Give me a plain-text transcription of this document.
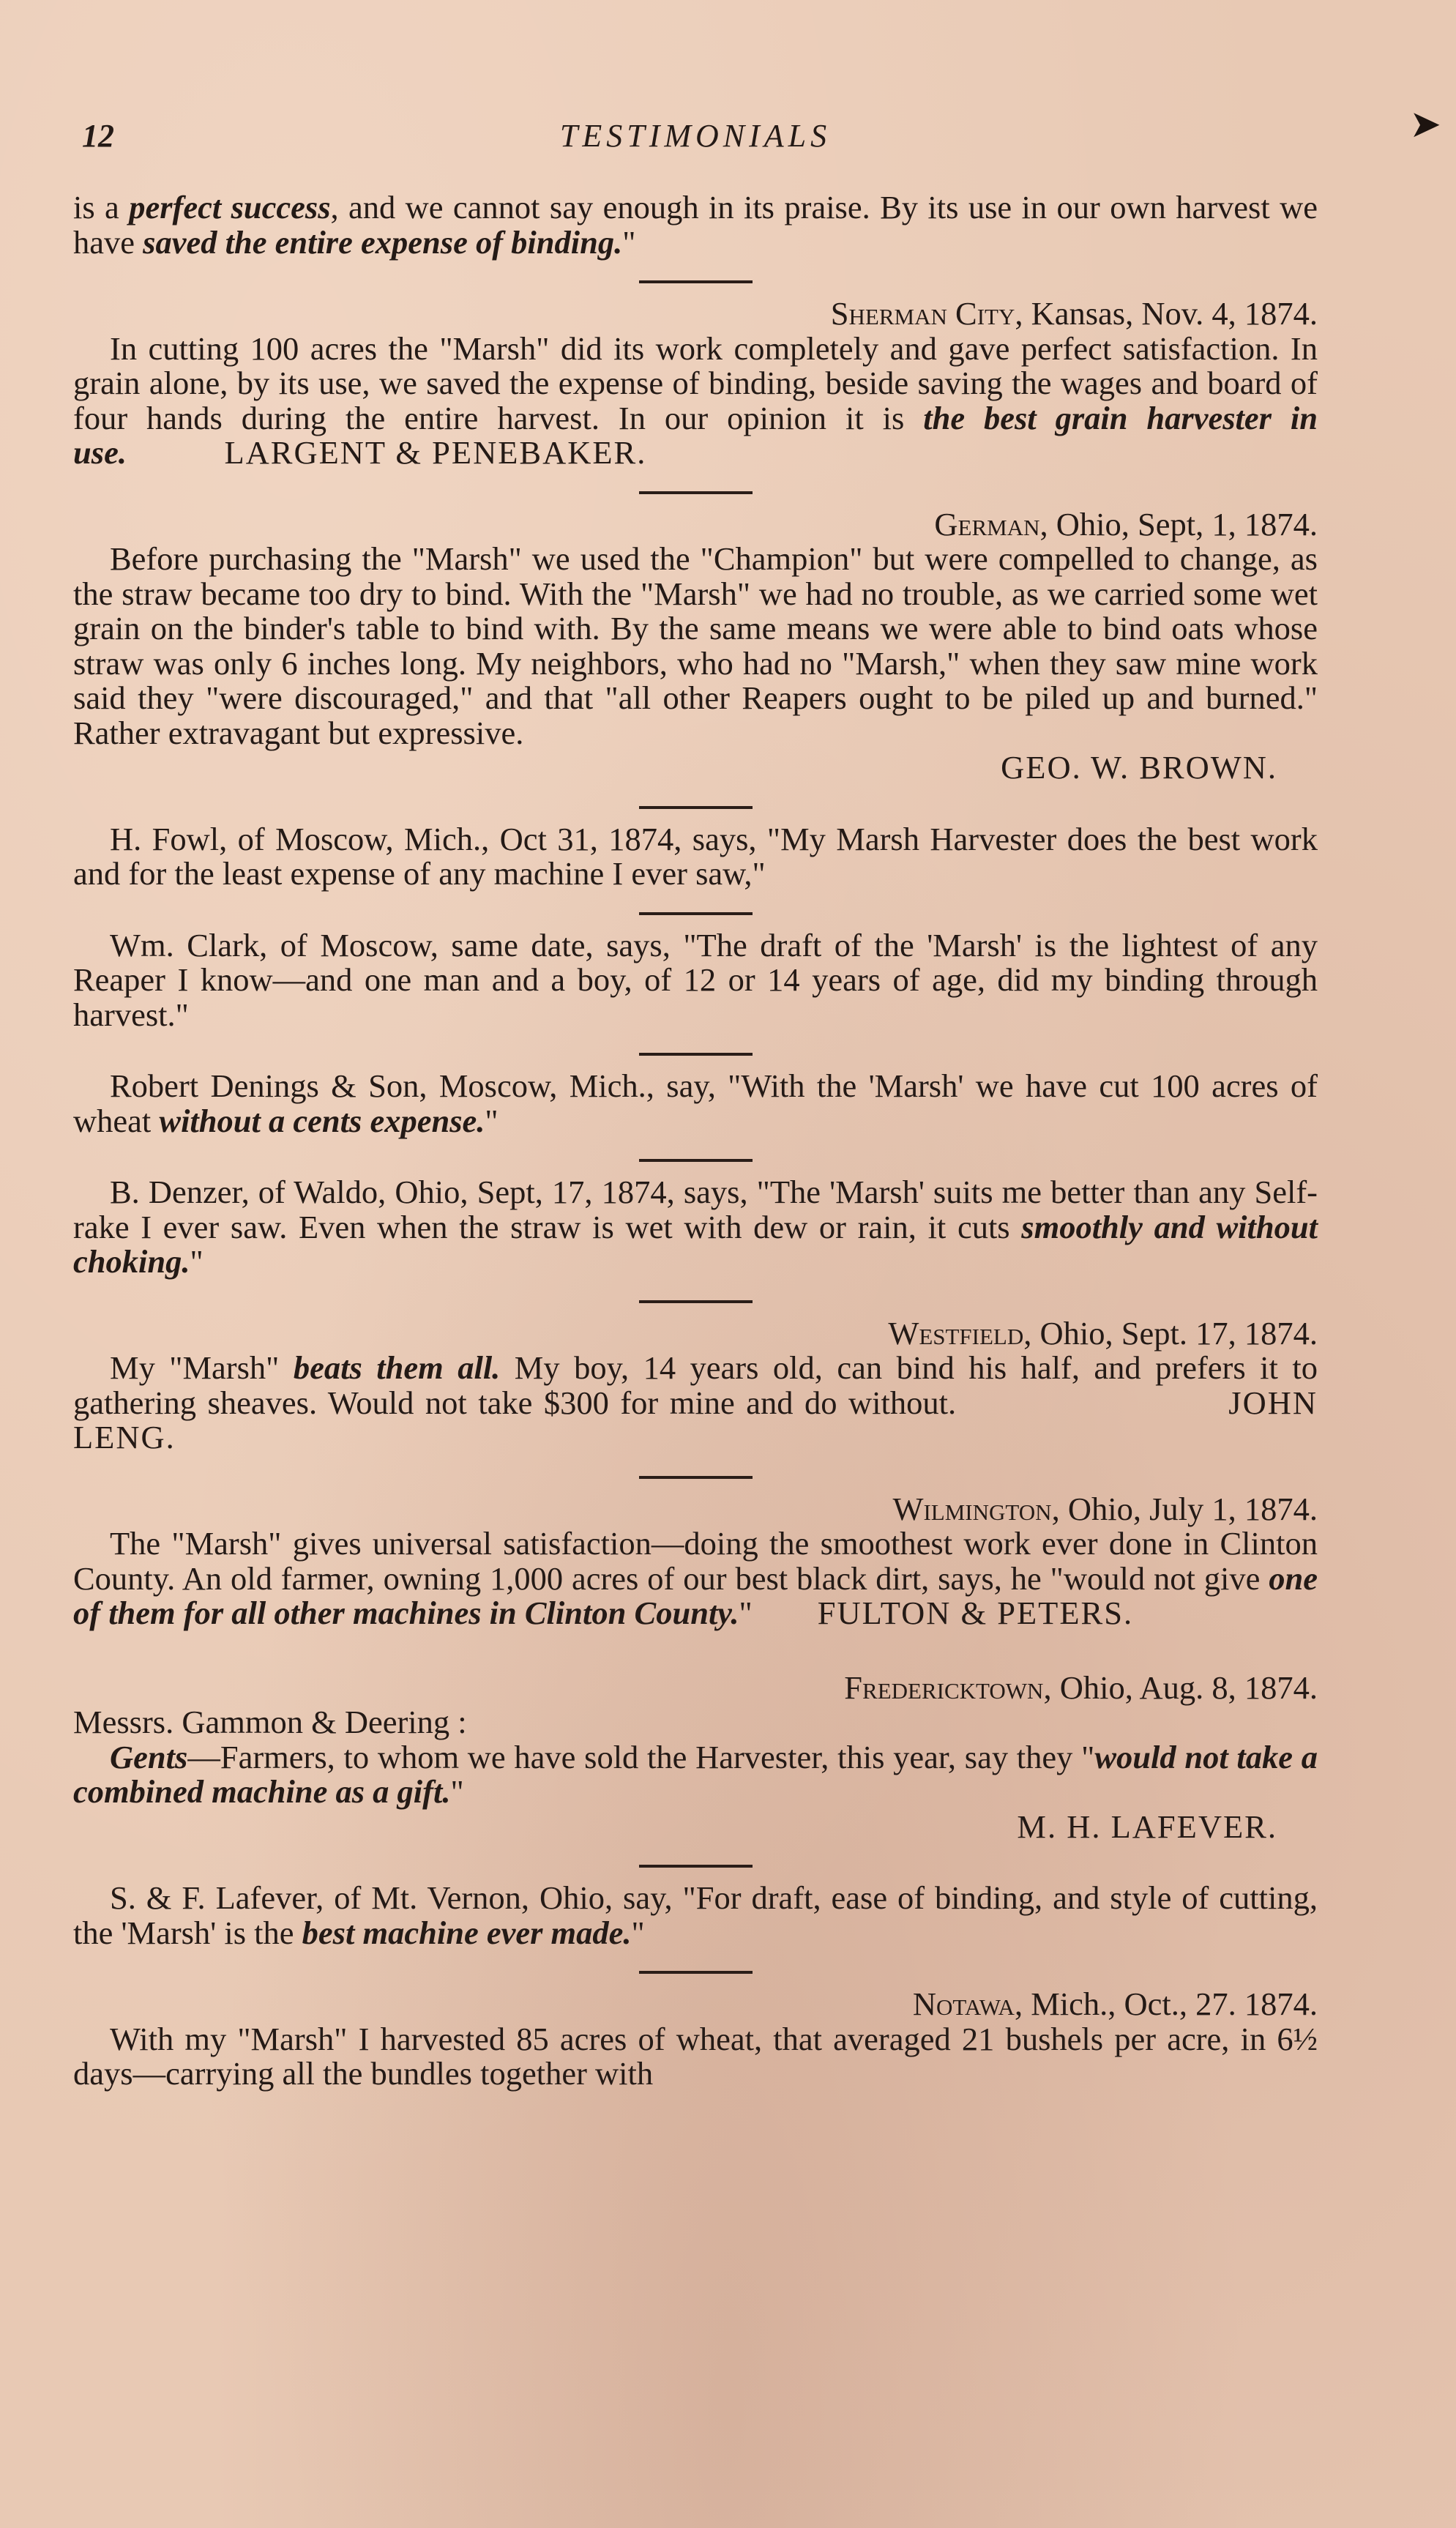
➤
12	TESTIMONIALS

is a perfect success, and we cannot say enough in its praise. By its use in our own harvest we have saved the entire expense of binding."

Sherman City, Kansas, Nov. 4, 1874.

In cutting 100 acres the "Marsh" did its work completely and gave perfect satisfaction. In grain alone, by its use, we saved the expense of binding, beside saving the wages and board of four hands during the entire harvest. In our opinion it is the best grain harvester in use.	LARGENT & PENEBAKER.

German, Ohio, Sept, 1, 1874.

Before purchasing the "Marsh" we used the "Champion" but were compelled to change, as the straw became too dry to bind. With the "Marsh" we had no trouble, as we carried some wet grain on the binder's table to bind with. By the same means we were able to bind oats whose straw was only 6 inches long. My neighbors, who had no "Marsh," when they saw mine work said they "were discouraged," and that "all other Reapers ought to be piled up and burned." Rather extravagant but expressive.

GEO. W. BROWN.

H. Fowl, of Moscow, Mich., Oct 31, 1874, says, "My Marsh Harvester does the best work and for the least expense of any machine I ever saw,"

Wm. Clark, of Moscow, same date, says, "The draft of the 'Marsh' is the lightest of any Reaper I know—and one man and a boy, of 12 or 14 years of age, did my binding through harvest."

Robert Denings & Son, Moscow, Mich., say, "With the 'Marsh' we have cut 100 acres of wheat without a cents expense."

B. Denzer, of Waldo, Ohio, Sept, 17, 1874, says, "The 'Marsh' suits me better than any Self-rake I ever saw. Even when the straw is wet with dew or rain, it cuts smoothly and without choking."

Westfield, Ohio, Sept. 17, 1874.

My "Marsh" beats them all. My boy, 14 years old, can bind his half, and prefers it to gathering sheaves. Would not take $300 for mine and do without.	JOHN LENG.

Wilmington, Ohio, July 1, 1874.

The "Marsh" gives universal satisfaction—doing the smoothest work ever done in Clinton County. An old farmer, owning 1,000 acres of our best black dirt, says, he "would not give one of them for all other machines in Clinton County." FULTON & PETERS.

Fredericktown, Ohio, Aug. 8, 1874.

Messrs. Gammon & Deering :

Gents—Farmers, to whom we have sold the Harvester, this year, say they "would not take a combined machine as a gift."

M. H. LAFEVER.

S. & F. Lafever, of Mt. Vernon, Ohio, say, "For draft, ease of binding, and style of cutting, the 'Marsh' is the best machine ever made."

Notawa, Mich., Oct., 27. 1874.

With my "Marsh" I harvested 85 acres of wheat, that averaged 21 bushels per acre, in 6½ days—carrying all the bundles together with
